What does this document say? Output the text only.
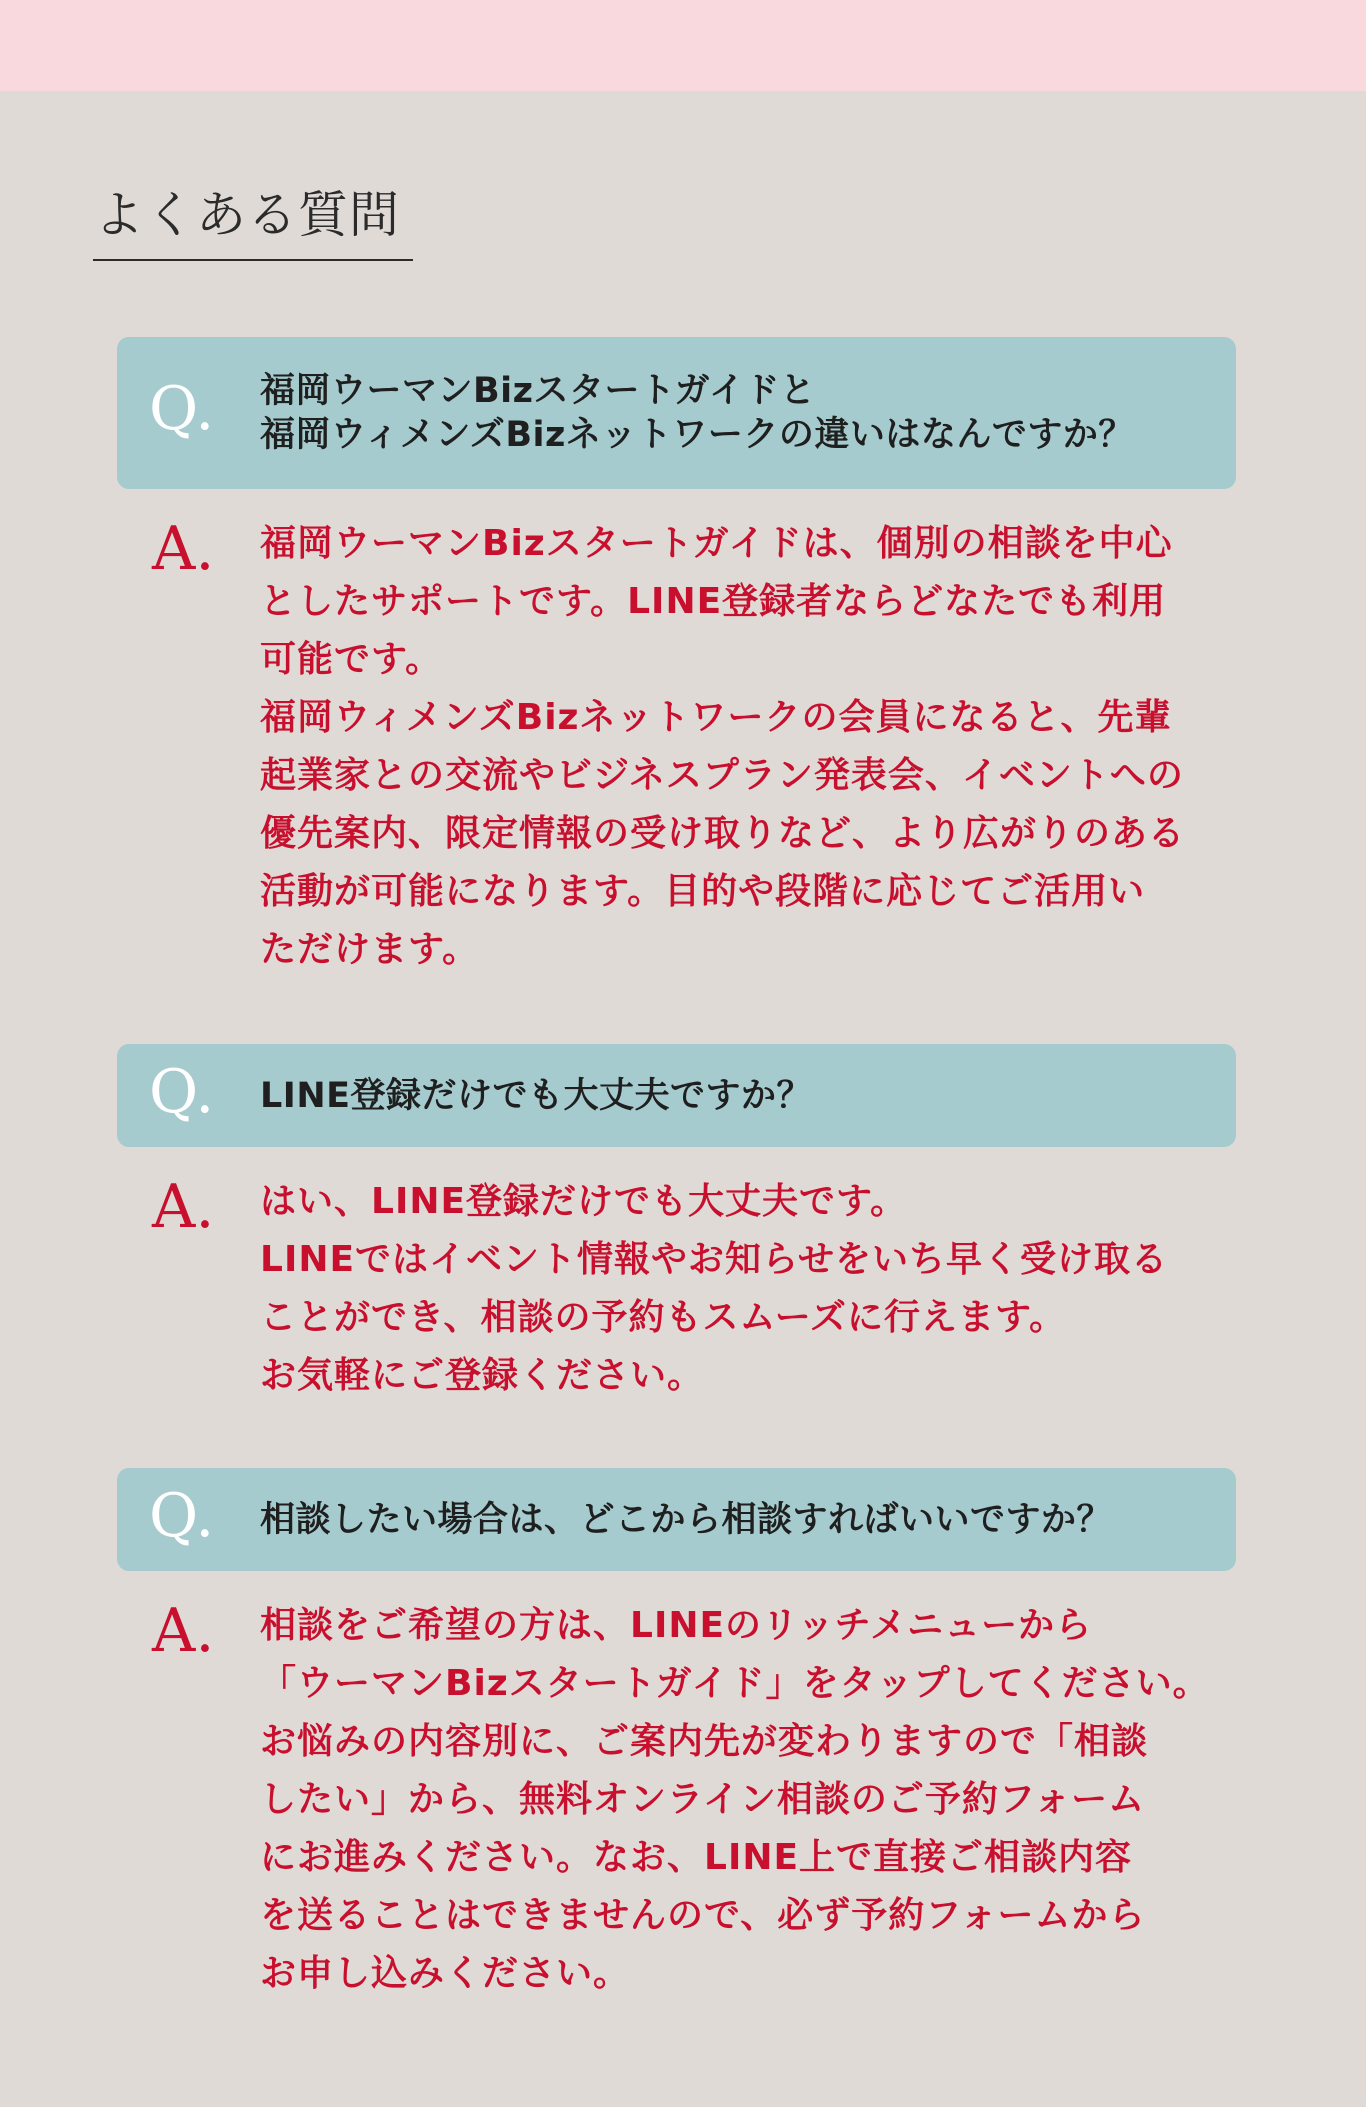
よくある質問
Q. 福岡ウーマンBizスタートガイドと
福岡ウィメンズBizネットワークの違いはなんですか？
A. 福岡ウーマンBizスタートガイドは、個別の相談を中心
としたサポートです。LINE登録者ならどなたでも利用
可能です。
福岡ウィメンズBizネットワークの会員になると、先輩
起業家との交流やビジネスプラン発表会、イベントへの
優先案内、限定情報の受け取りなど、より広がりのある
活動が可能になります。目的や段階に応じてご活用い
ただけます。
Q. LINE登録だけでも大丈夫ですか？
A. はい、LINE登録だけでも大丈夫です。
LINEではイベント情報やお知らせをいち早く受け取る
ことができ、相談の予約もスムーズに行えます。
お気軽にご登録ください。
Q. 相談したい場合は、どこから相談すればいいですか？
A. 相談をご希望の方は、LINEのリッチメニューから
「ウーマンBizスタートガイド」をタップしてください。
お悩みの内容別に、ご案内先が変わりますので「相談
したい」から、無料オンライン相談のご予約フォーム
にお進みください。なお、LINE上で直接ご相談内容
を送ることはできませんので、必ず予約フォームから
お申し込みください。
